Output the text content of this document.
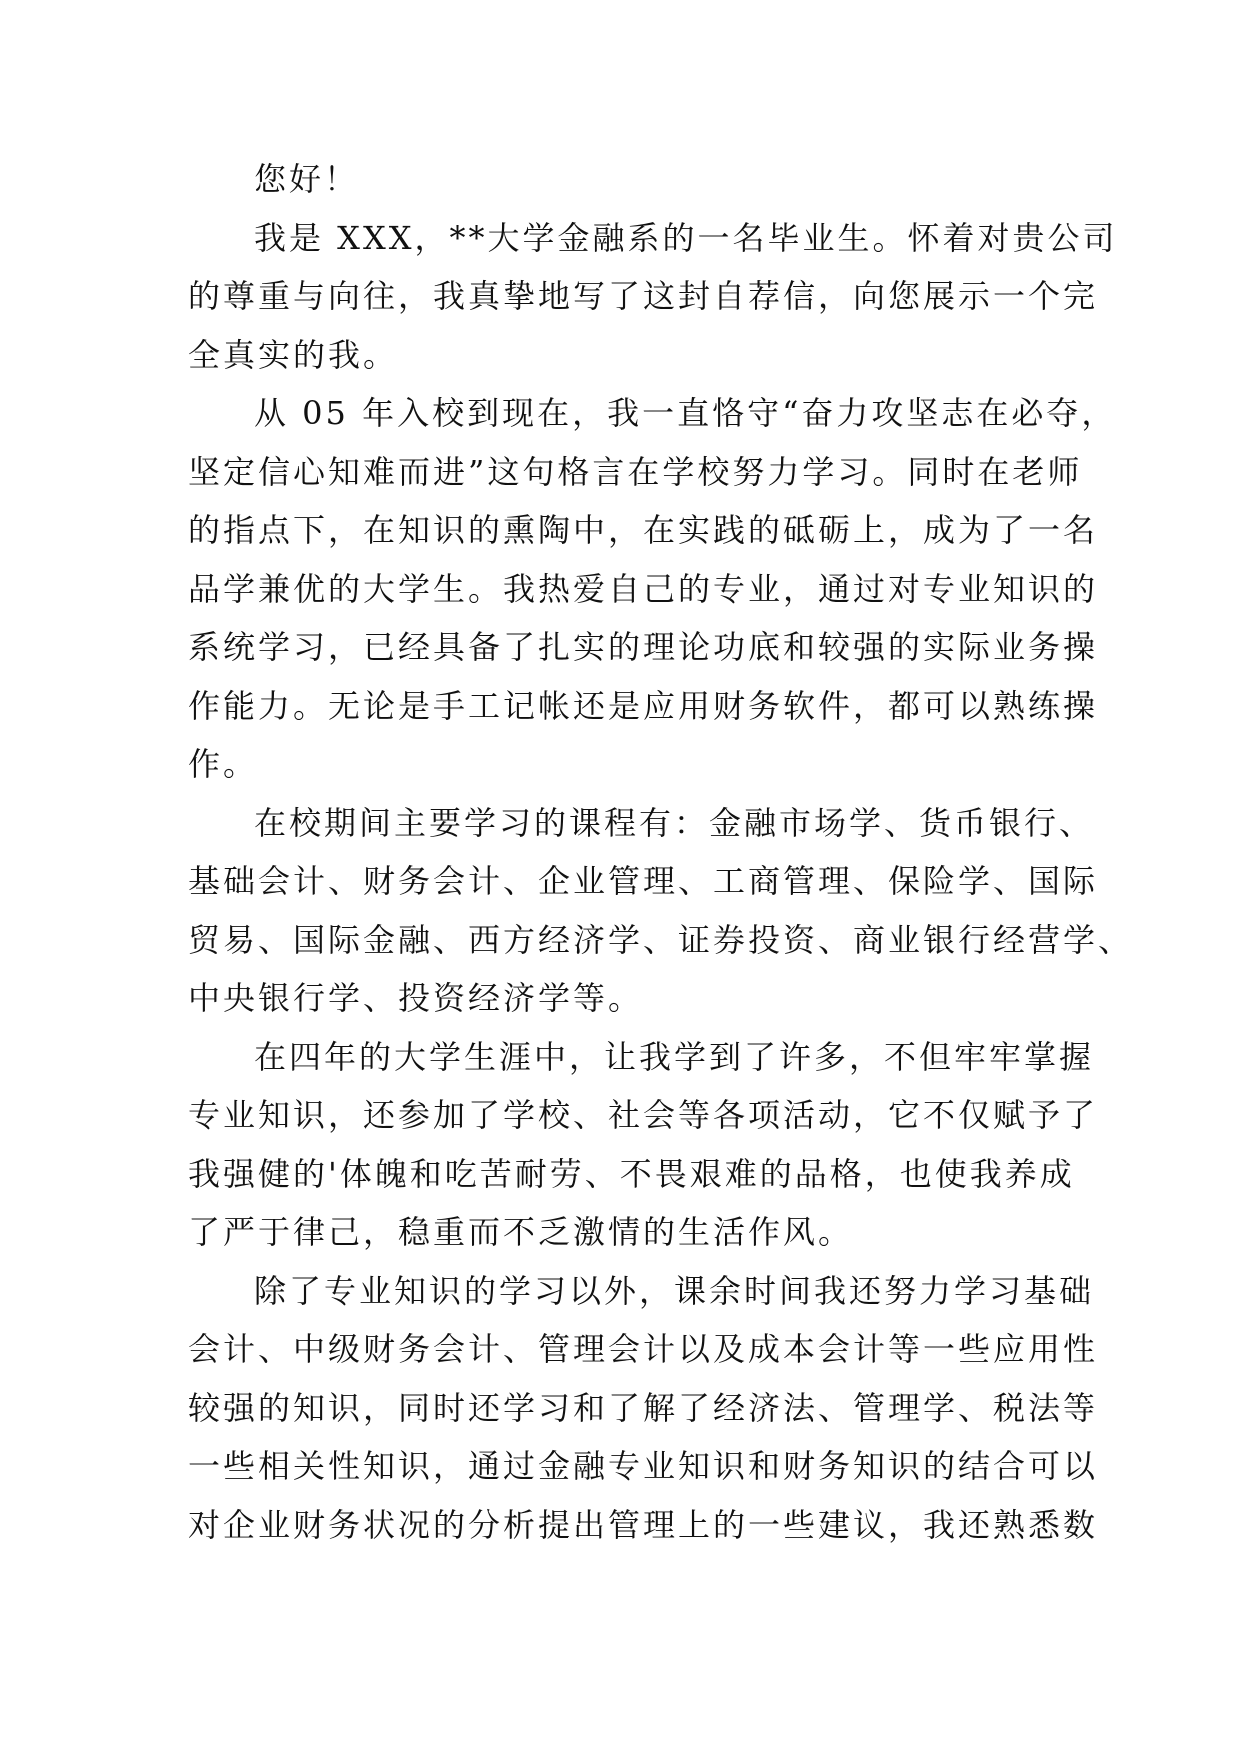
您好！
我是 XXX，**大学金融系的一名毕业生。怀着对贵公司
的尊重与向往，我真挚地写了这封自荐信，向您展示一个完
全真实的我。
从 05 年入校到现在，我一直恪守“奋力攻坚志在必夺，
坚定信心知难而进”这句格言在学校努力学习。同时在老师
的指点下，在知识的熏陶中，在实践的砥砺上，成为了一名
品学兼优的大学生。我热爱自己的专业，通过对专业知识的
系统学习，已经具备了扎实的理论功底和较强的实际业务操
作能力。无论是手工记帐还是应用财务软件，都可以熟练操
作。
在校期间主要学习的课程有：金融市场学、货币银行、
基础会计、财务会计、企业管理、工商管理、保险学、国际
贸易、国际金融、西方经济学、证券投资、商业银行经营学、
中央银行学、投资经济学等。
在四年的大学生涯中，让我学到了许多，不但牢牢掌握
专业知识，还参加了学校、社会等各项活动，它不仅赋予了
我强健的'体魄和吃苦耐劳、不畏艰难的品格，也使我养成
了严于律己，稳重而不乏激情的生活作风。
除了专业知识的学习以外，课余时间我还努力学习基础
会计、中级财务会计、管理会计以及成本会计等一些应用性
较强的知识，同时还学习和了解了经济法、管理学、税法等
一些相关性知识，通过金融专业知识和财务知识的结合可以
对企业财务状况的分析提出管理上的一些建议，我还熟悉数
